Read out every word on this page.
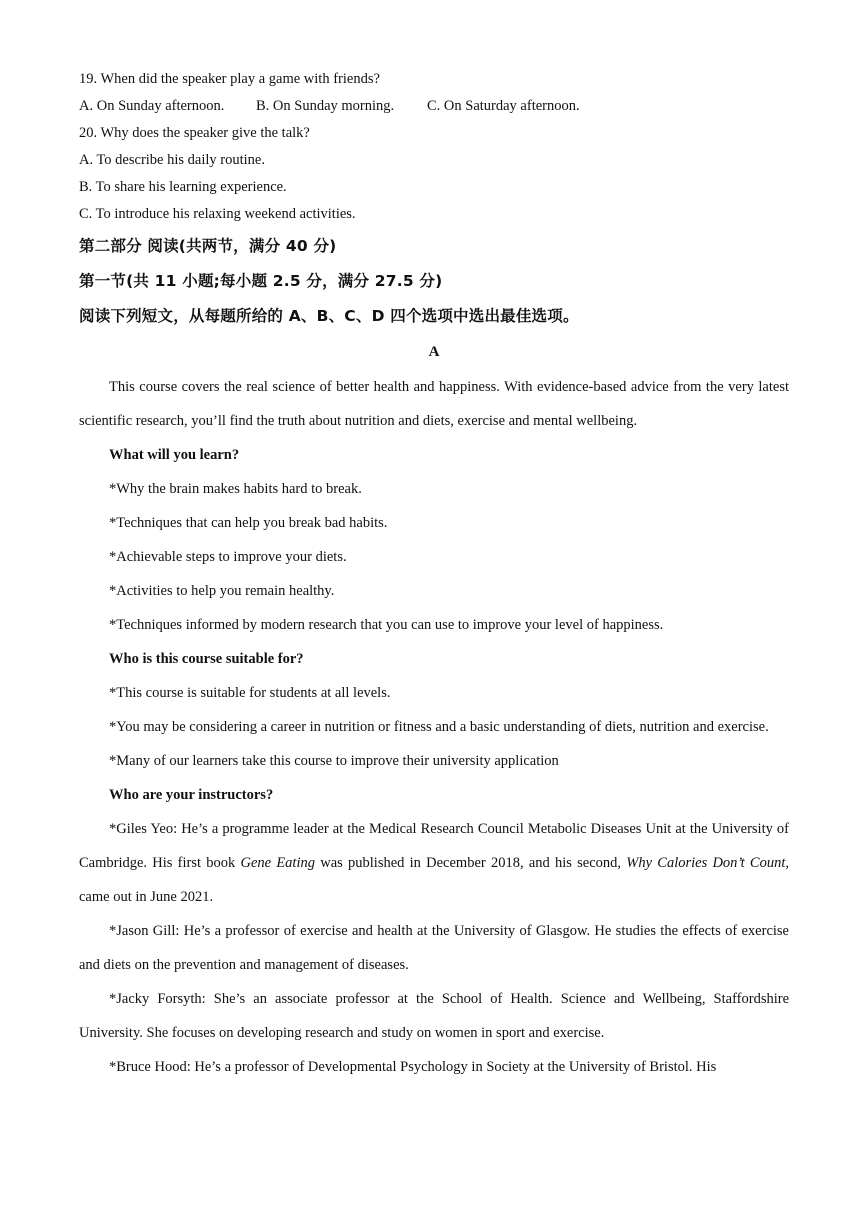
19. When did the speaker play a game with friends?
A. On Sunday afternoon. B. On Sunday morning. C. On Saturday afternoon.
20. Why does the speaker give the talk?
A. To describe his daily routine.
B. To share his learning experience.
C. To introduce his relaxing weekend activities.
第二部分 阅读(共两节，满分 40 分)
第一节(共 11 小题;每小题 2.5 分，满分 27.5 分)
阅读下列短文，从每题所给的 A、B、C、D 四个选项中选出最佳选项。
A
This course covers the real science of better health and happiness. With evidence-based advice from the very latest scientific research, you’ll find the truth about nutrition and diets, exercise and mental wellbeing.
What will you learn?
*Why the brain makes habits hard to break.
*Techniques that can help you break bad habits.
*Achievable steps to improve your diets.
*Activities to help you remain healthy.
*Techniques informed by modern research that you can use to improve your level of happiness.
Who is this course suitable for?
*This course is suitable for students at all levels.
*You may be considering a career in nutrition or fitness and a basic understanding of diets, nutrition and exercise.
*Many of our learners take this course to improve their university application
Who are your instructors?
*Giles Yeo: He’s a programme leader at the Medical Research Council Metabolic Diseases Unit at the University of Cambridge. His first book Gene Eating was published in December 2018, and his second, Why Calories Don’t Count, came out in June 2021.
*Jason Gill: He’s a professor of exercise and health at the University of Glasgow. He studies the effects of exercise and diets on the prevention and management of diseases.
*Jacky Forsyth: She’s an associate professor at the School of Health. Science and Wellbeing, Staffordshire University. She focuses on developing research and study on women in sport and exercise.
*Bruce Hood: He’s a professor of Developmental Psychology in Society at the University of Bristol. His
